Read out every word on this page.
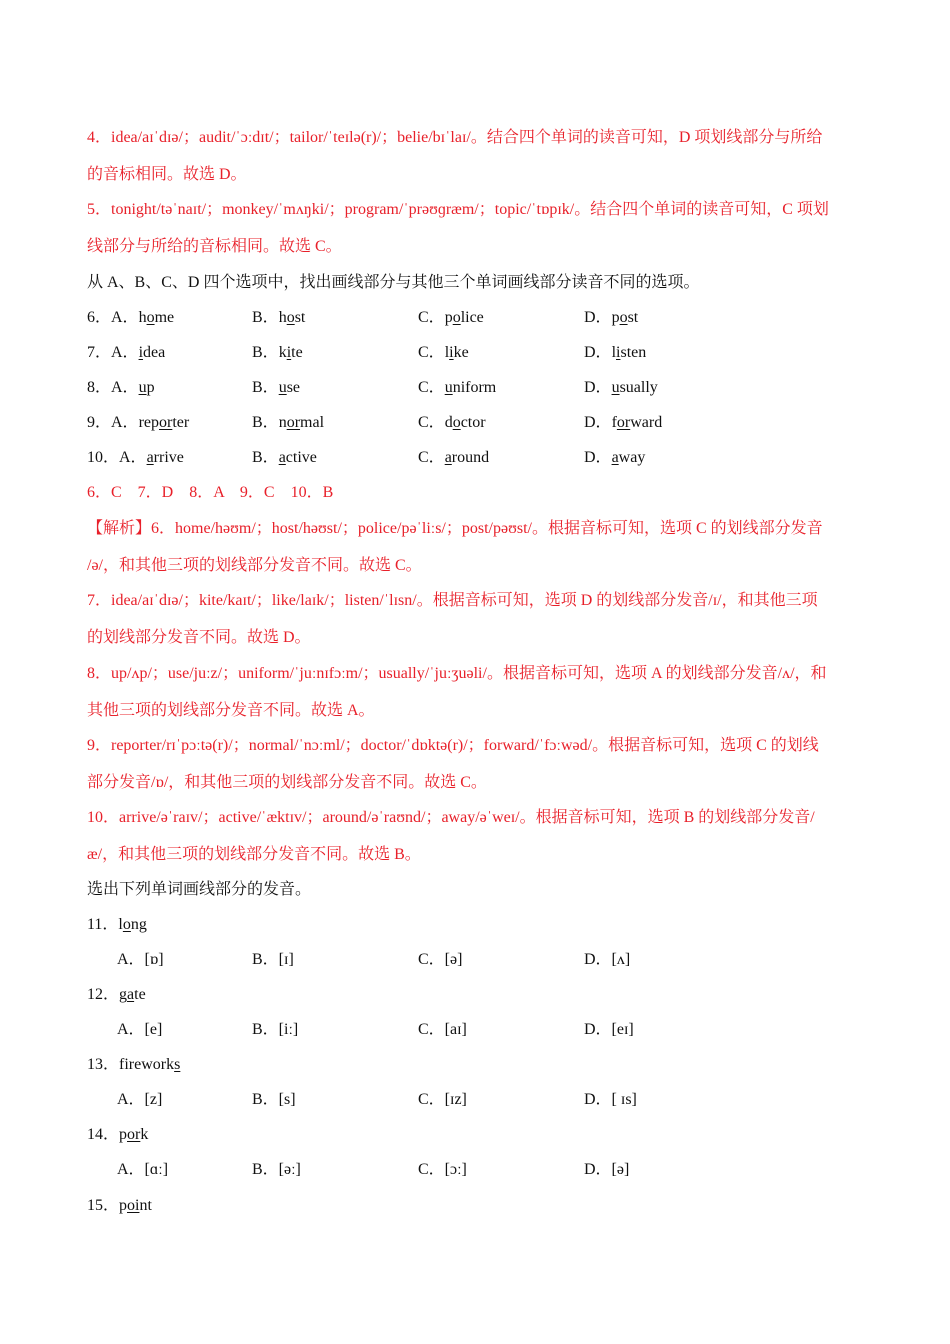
4．idea/aɪˈdɪə/；audit/ˈɔːdɪt/；tailor/ˈteɪlə(r)/；belie/bɪˈlaɪ/。结合四个单词的读音可知，D 项划线部分与所给
的音标相同。故选 D。
5．tonight/təˈnaɪt/；monkey/ˈmʌŋki/；program/ˈprəʊɡræm/；topic/ˈtɒpɪk/。结合四个单词的读音可知，C 项划
线部分与所给的音标相同。故选 C。
从 A、B、C、D 四个选项中，找出画线部分与其他三个单词画线部分读音不同的选项。
6．A．home	B．host	C．police	D．post
7．A．idea	B．kite	C．like	D．listen
8．A．up	B．use	C．uniform	D．usually
9．A．reporter	B．normal	C．doctor	D．forward
10．A．arrive	B．active	C．around	D．away
6．C　7．D　8．A　9．C　10．B
【解析】6．home/həʊm/；host/həʊst/；police/pəˈliːs/；post/pəʊst/。根据音标可知，选项 C 的划线部分发音
/ə/，和其他三项的划线部分发音不同。故选 C。
7．idea/aɪˈdɪə/；kite/kaɪt/；like/laɪk/；listen/ˈlɪsn/。根据音标可知，选项 D 的划线部分发音/ɪ/，和其他三项
的划线部分发音不同。故选 D。
8．up/ʌp/；use/juːz/；uniform/ˈjuːnɪfɔːm/；usually/ˈjuːʒuəli/。根据音标可知，选项 A 的划线部分发音/ʌ/，和
其他三项的划线部分发音不同。故选 A。
9．reporter/rɪˈpɔːtə(r)/；normal/ˈnɔːml/；doctor/ˈdɒktə(r)/；forward/ˈfɔːwəd/。根据音标可知，选项 C 的划线
部分发音/ɒ/，和其他三项的划线部分发音不同。故选 C。
10．arrive/əˈraɪv/；active/ˈæktɪv/；around/əˈraʊnd/；away/əˈweɪ/。根据音标可知，选项 B 的划线部分发音/
æ/，和其他三项的划线部分发音不同。故选 B。
选出下列单词画线部分的发音。
11．long
A．[ɒ]	B．[ɪ]	C．[ə]	D．[ʌ]
12．gate
A．[e]	B．[iː]	C．[aɪ]	D．[eɪ]
13．fireworks
A．[z]	B．[s]	C．[ɪz]	D．[ ɪs]
14．pork
A．[ɑː]	B．[əː]	C．[ɔː]	D．[ə]
15．point
